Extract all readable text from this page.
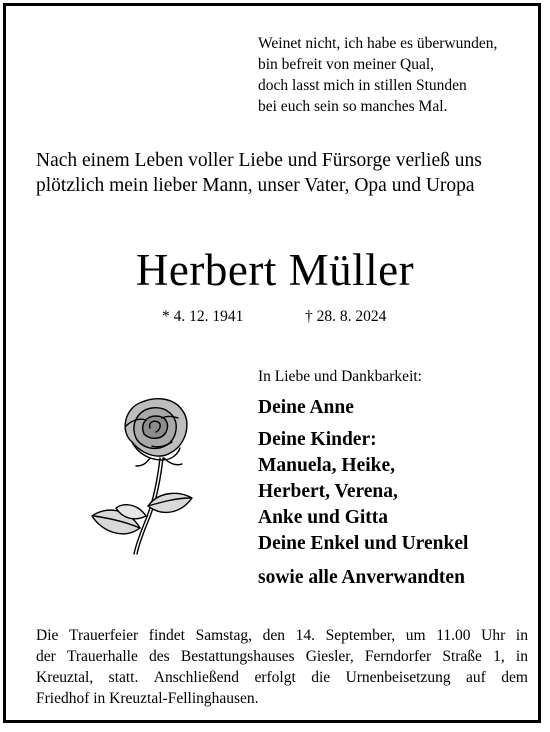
Weinet nicht, ich habe es überwunden,
bin befreit von meiner Qual,
doch lasst mich in stillen Stunden
bei euch sein so manches Mal.
Nach einem Leben voller Liebe und Fürsorge verließ uns
plötzlich mein lieber Mann, unser Vater, Opa und Uropa
Herbert Müller
* 4. 12. 1941	† 28. 8. 2024
In Liebe und Dankbarkeit:
Deine Anne
Deine Kinder:
Manuela, Heike,
Herbert, Verena,
Anke und Gitta
Deine Enkel und Urenkel
sowie alle Anverwandten
Die Trauerfeier findet Samstag, den 14. September, um 11.00 Uhr in
der Trauerhalle des Bestattungshauses Giesler, Ferndorfer Straße 1, in
Kreuztal, statt. Anschließend erfolgt die Urnenbeisetzung auf dem
Friedhof in Kreuztal-Fellinghausen.
